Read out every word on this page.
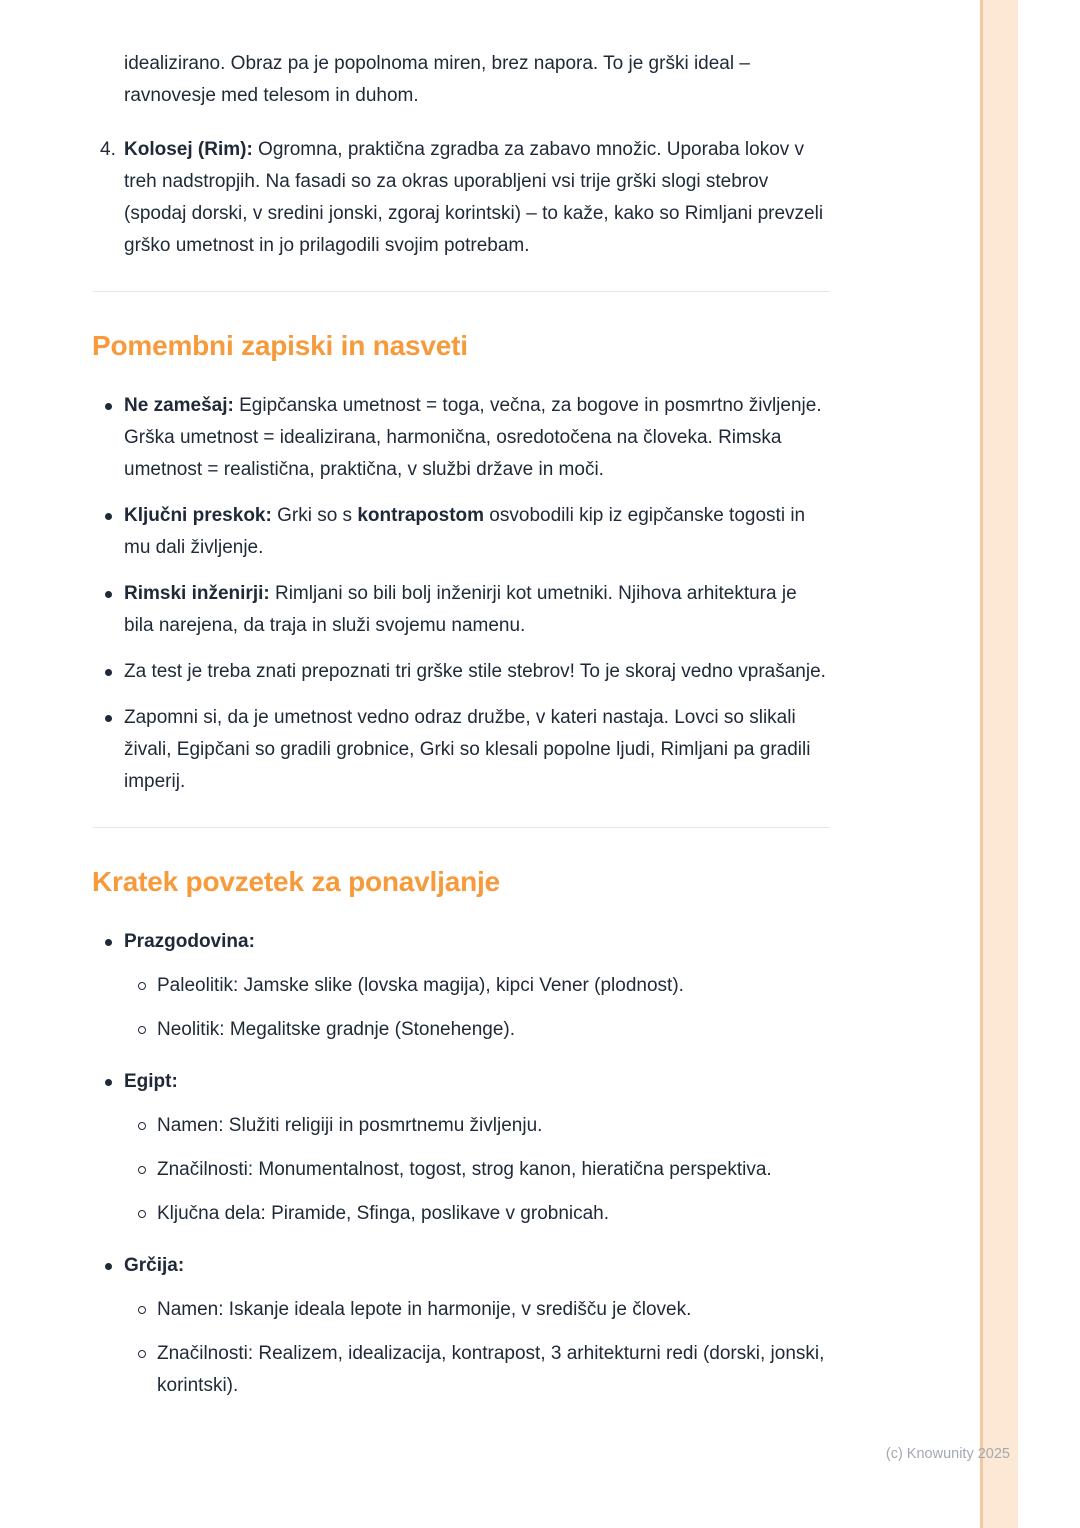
idealizirano. Obraz pa je popolnoma miren, brez napora. To je grški ideal – ravnovesje med telesom in duhom.

4. Kolosej (Rim): Ogromna, praktična zgradba za zabavo množic. Uporaba lokov v treh nadstropjih. Na fasadi so za okras uporabljeni vsi trije grški slogi stebrov (spodaj dorski, v sredini jonski, zgoraj korintski) – to kaže, kako so Rimljani prevzeli grško umetnost in jo prilagodili svojim potrebam.
Pomembni zapiski in nasveti
Ne zamešaj: Egipčanska umetnost = toga, večna, za bogove in posmrtno življenje. Grška umetnost = idealizirana, harmonična, osredotočena na človeka. Rimska umetnost = realistična, praktična, v službi države in moči.
Ključni preskok: Grki so s kontrapostom osvobodili kip iz egipčanske togosti in mu dali življenje.
Rimski inženirji: Rimljani so bili bolj inženirji kot umetniki. Njihova arhitektura je bila narejena, da traja in služi svojemu namenu.
Za test je treba znati prepoznati tri grške stile stebrov! To je skoraj vedno vprašanje.
Zapomni si, da je umetnost vedno odraz družbe, v kateri nastaja. Lovci so slikali živali, Egipčani so gradili grobnice, Grki so klesali popolne ljudi, Rimljani pa gradili imperij.
Kratek povzetek za ponavljanje
Prazgodovina:
Paleolitik: Jamske slike (lovska magija), kipci Vener (plodnost).
Neolitik: Megalitske gradnje (Stonehenge).
Egipt:
Namen: Služiti religiji in posmrtnemu življenju.
Značilnosti: Monumentalnost, togost, strog kanon, hieratična perspektiva.
Ključna dela: Piramide, Sfinga, poslikave v grobnicah.
Grčija:
Namen: Iskanje ideala lepote in harmonije, v središču je človek.
Značilnosti: Realizem, idealizacija, kontrapost, 3 arhitekturni redi (dorski, jonski, korintski).
(c) Knowunity 2025
